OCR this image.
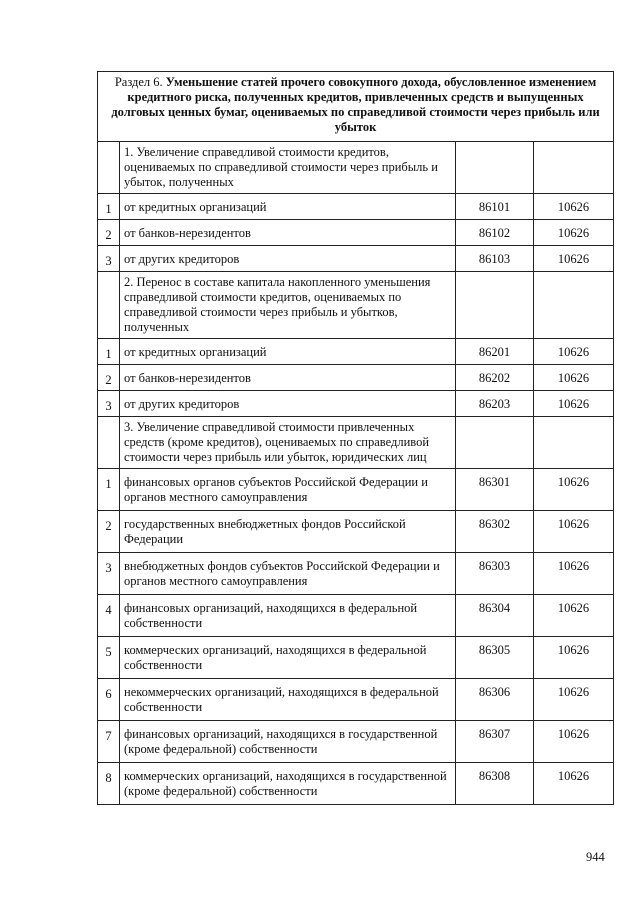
Раздел 6. Уменьшение статей прочего совокупного дохода, обусловленное изменением кредитного риска, полученных кредитов, привлеченных средств и выпущенных долговых ценных бумаг, оцениваемых по справедливой стоимости через прибыль или убыток			
	1. Увеличение справедливой стоимости кредитов, оцениваемых по справедливой стоимости через прибыль и убыток, полученных		
1	от кредитных организаций	86101	10626
2	от банков-нерезидентов	86102	10626
3	от других кредиторов	86103	10626
	2. Перенос в составе капитала накопленного уменьшения справедливой стоимости кредитов, оцениваемых по справедливой стоимости через прибыль и убытков, полученных		
1	от кредитных организаций	86201	10626
2	от банков-нерезидентов	86202	10626
3	от других кредиторов	86203	10626
	3. Увеличение справедливой стоимости привлеченных средств (кроме кредитов), оцениваемых по справедливой стоимости через прибыль или убыток, юридических лиц		
1	финансовых органов субъектов Российской Федерации и органов местного самоуправления	86301	10626
2	государственных внебюджетных фондов Российской Федерации	86302	10626
3	внебюджетных фондов субъектов Российской Федерации и органов местного самоуправления	86303	10626
4	финансовых организаций, находящихся в федеральной собственности	86304	10626
5	коммерческих организаций, находящихся в федеральной собственности	86305	10626
6	некоммерческих организаций, находящихся в федеральной собственности	86306	10626
7	финансовых организаций, находящихся в государственной (кроме федеральной) собственности	86307	10626
8	коммерческих организаций, находящихся в государственной (кроме федеральной) собственности	86308	10626
944
